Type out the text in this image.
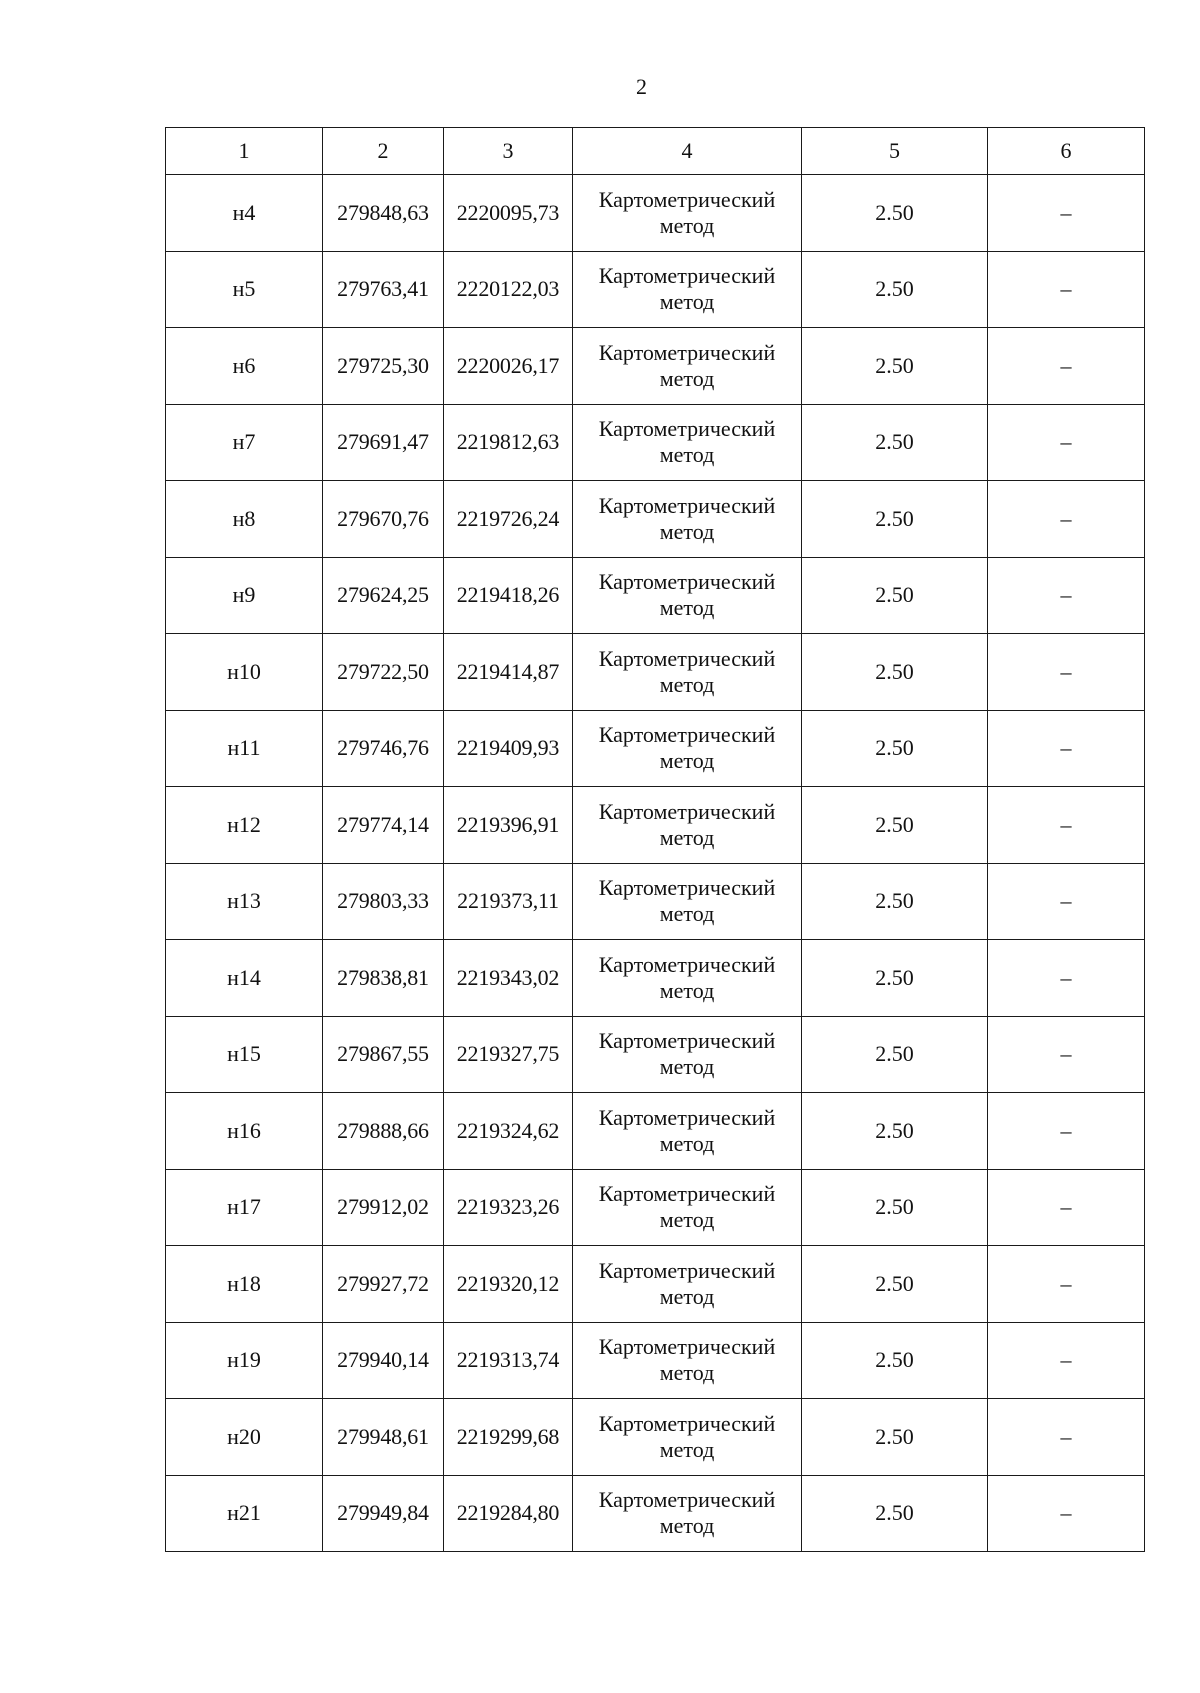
2
1	2	3	4	5	6
н4	279848,63	2220095,73	Картометрический метод	2.50	–
н5	279763,41	2220122,03	Картометрический метод	2.50	–
н6	279725,30	2220026,17	Картометрический метод	2.50	–
н7	279691,47	2219812,63	Картометрический метод	2.50	–
н8	279670,76	2219726,24	Картометрический метод	2.50	–
н9	279624,25	2219418,26	Картометрический метод	2.50	–
н10	279722,50	2219414,87	Картометрический метод	2.50	–
н11	279746,76	2219409,93	Картометрический метод	2.50	–
н12	279774,14	2219396,91	Картометрический метод	2.50	–
н13	279803,33	2219373,11	Картометрический метод	2.50	–
н14	279838,81	2219343,02	Картометрический метод	2.50	–
н15	279867,55	2219327,75	Картометрический метод	2.50	–
н16	279888,66	2219324,62	Картометрический метод	2.50	–
н17	279912,02	2219323,26	Картометрический метод	2.50	–
н18	279927,72	2219320,12	Картометрический метод	2.50	–
н19	279940,14	2219313,74	Картометрический метод	2.50	–
н20	279948,61	2219299,68	Картометрический метод	2.50	–
н21	279949,84	2219284,80	Картометрический метод	2.50	–
